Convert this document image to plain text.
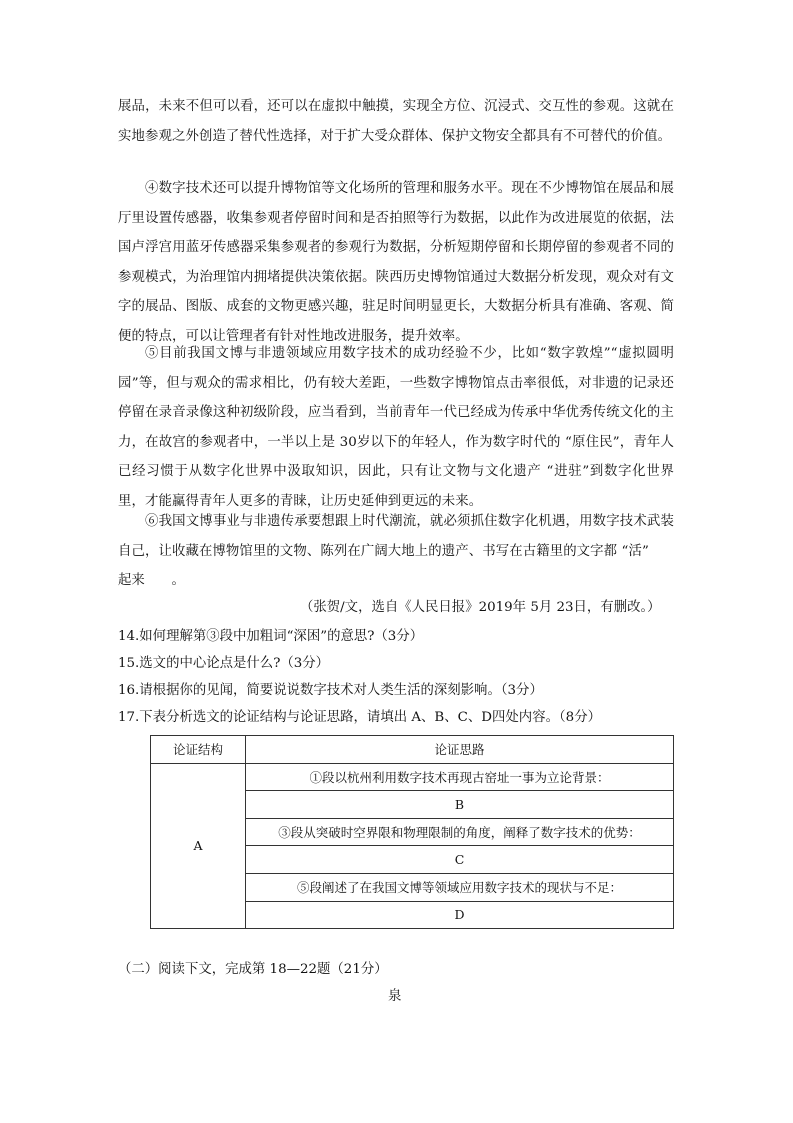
展品，未来不但可以看，还可以在虚拟中触摸，实现全方位、沉浸式、交互性的参观。这就在实地参观之外创造了替代性选择，对于扩大受众群体、保护文物安全都具有不可替代的价值。
④数字技术还可以提升博物馆等文化场所的管理和服务水平。现在不少博物馆在展品和展厅里设置传感器，收集参观者停留时间和是否拍照等行为数据，以此作为改进展览的依据，法国卢浮宫用蓝牙传感器采集参观者的参观行为数据，分析短期停留和长期停留的参观者不同的参观模式，为治理馆内拥堵提供决策依据。陕西历史博物馆通过大数据分析发现，观众对有文字的展品、图版、成套的文物更感兴趣，驻足时间明显更长，大数据分析具有准确、客观、简便的特点，可以让管理者有针对性地改进服务，提升效率。
⑤目前我国文博与非遗领域应用数字技术的成功经验不少，比如“数字敦煌”“虚拟圆明园”等，但与观众的需求相比，仍有较大差距，一些数字博物馆点击率很低，对非遗的记录还停留在录音录像这种初级阶段，应当看到，当前青年一代已经成为传承中华优秀传统文化的主力，在故宫的参观者中，一半以上是 30岁以下的年轻人，作为数字时代的 “原住民”，青年人已经习惯于从数字化世界中汲取知识，因此，只有让文物与文化遗产 “进驻”到数字化世界里，才能赢得青年人更多的青睐，让历史延伸到更远的未来。
⑥我国文博事业与非遗传承要想跟上时代潮流，就必须抓住数字化机遇，用数字技术武装自己，让收藏在博物馆里的文物、陈列在广阔大地上的遗产、书写在古籍里的文字都 “活”
起来　　。
（张贺/文，选自《人民日报》2019年 5月 23日，有删改。）
14.如何理解第③段中加粗词“深困”的意思?（3分）
15.选文的中心论点是什么?（3分）
16.请根据你的见闻，简要说说数字技术对人类生活的深刻影响。（3分）
17.下表分析选文的论证结构与论证思路，请填出 A、B、C、D四处内容。（8分）
论证结构	论证思路
A	①段以杭州利用数字技术再现古窑址一事为立论背景：
	B
	③段从突破时空界限和物理限制的角度，阐释了数字技术的优势：
	C
	⑤段阐述了在我国文博等领域应用数字技术的现状与不足：
	D
（二）阅读下文，完成第 18—22题（21分）
泉
